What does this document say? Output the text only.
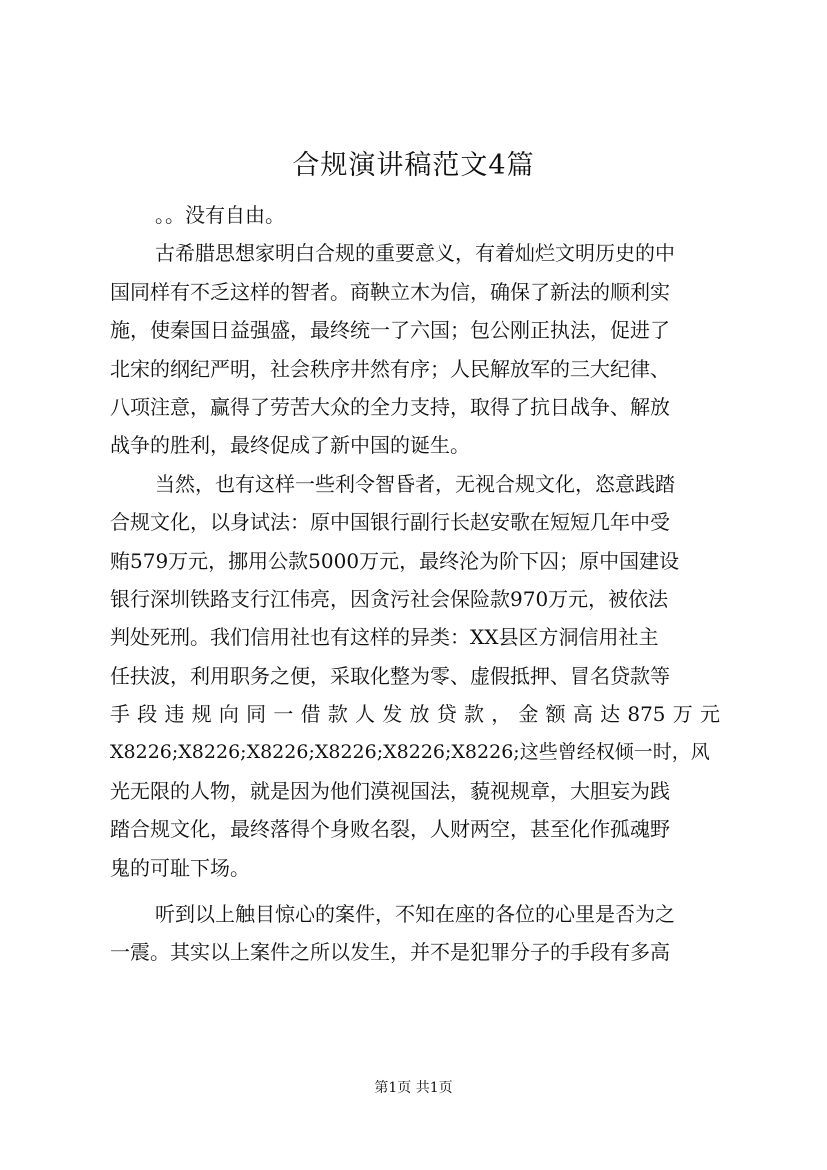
合规演讲稿范文4篇
。。没有自由。
古希腊思想家明白合规的重要意义，有着灿烂文明历史的中
国同样有不乏这样的智者。商鞅立木为信，确保了新法的顺利实
施，使秦国日益强盛，最终统一了六国；包公刚正执法，促进了
北宋的纲纪严明，社会秩序井然有序；人民解放军的三大纪律、
八项注意，赢得了劳苦大众的全力支持，取得了抗日战争、解放
战争的胜利，最终促成了新中国的诞生。
当然，也有这样一些利令智昏者，无视合规文化，恣意践踏
合规文化，以身试法：原中国银行副行长赵安歌在短短几年中受
贿579万元，挪用公款5000万元，最终沦为阶下囚；原中国建设
银行深圳铁路支行江伟亮，因贪污社会保险款970万元，被依法
判处死刑。我们信用社也有这样的异类：XX县区方洞信用社主
任扶波，利用职务之便，采取化整为零、虚假抵押、冒名贷款等
手段违规向同一借款人发放贷款，金额高达875万元
X8226;X8226;X8226;X8226;X8226;X8226;这些曾经权倾一时，风
光无限的人物，就是因为他们漠视国法，藐视规章，大胆妄为践
踏合规文化，最终落得个身败名裂，人财两空，甚至化作孤魂野
鬼的可耻下场。
听到以上触目惊心的案件，不知在座的各位的心里是否为之
一震。其实以上案件之所以发生，并不是犯罪分子的手段有多高
第1页 共1页
